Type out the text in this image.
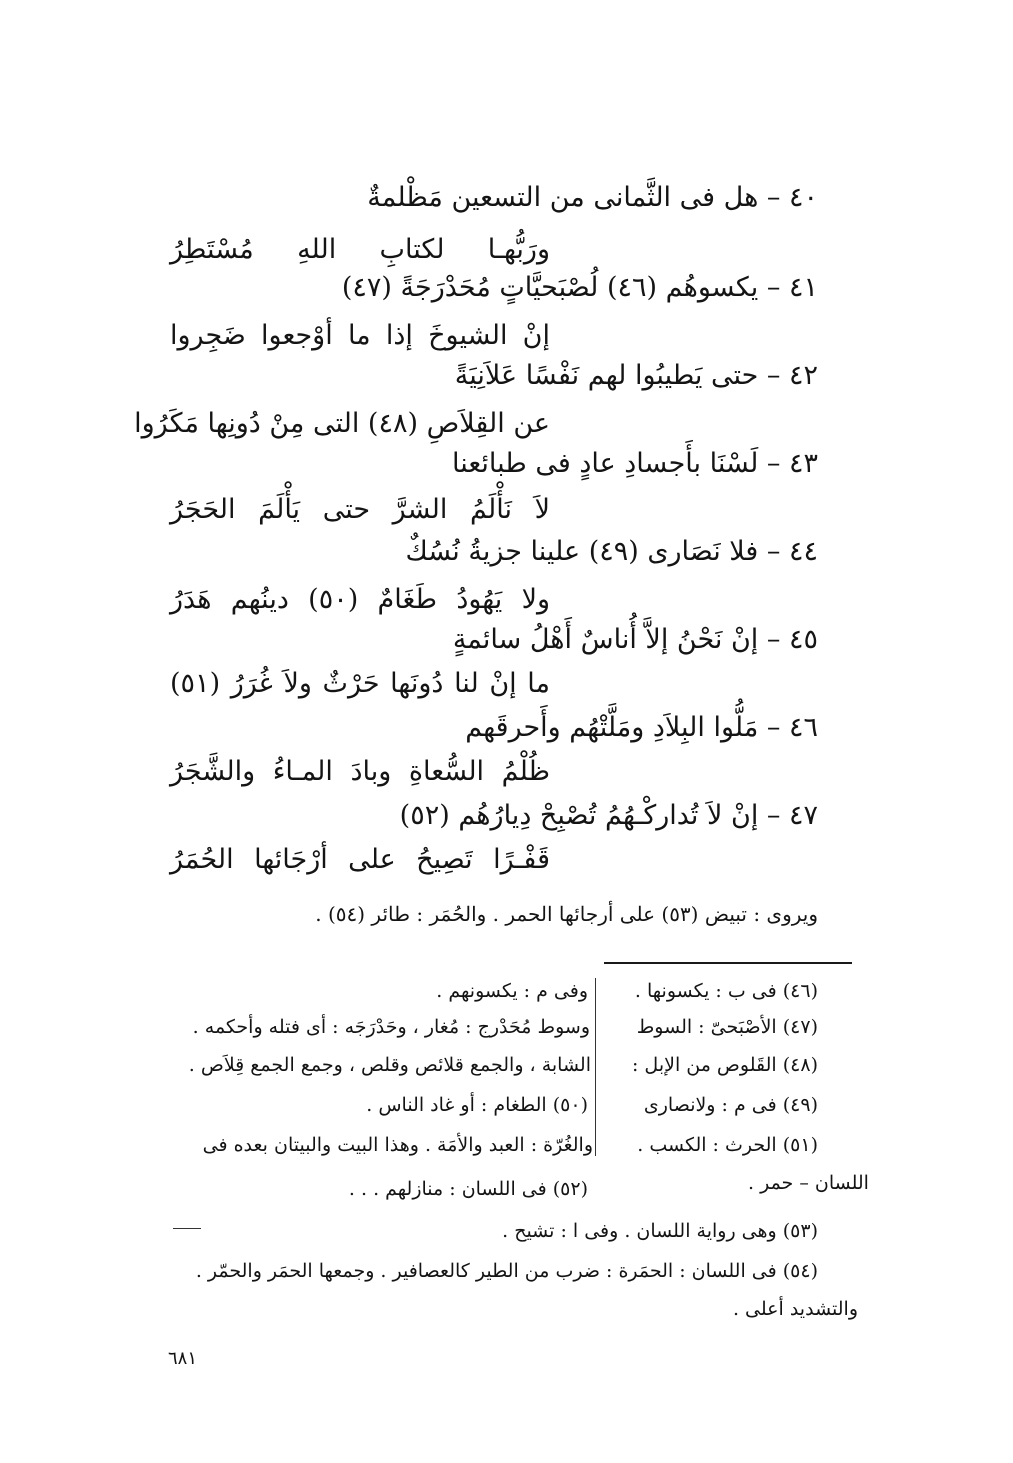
٤٠ – هل فى الثَّمانى من التسعين مَظْلمةٌ
ورَبُّهـا لكتابِ اللهِ مُسْتَطِرُ
٤١ – يكسوهُم (٤٦) لُصْبَحيَّاتٍ مُحَدْرَجَةً (٤٧)
إنْ الشيوخَ إذا ما أوْجعوا ضَجِروا
٤٢ – حتى يَطيبُوا لهم نَفْسًا عَلاَنِيَةً
عن القِلاَصِ (٤٨) التى مِنْ دُونِها مَكَرُوا
٤٣ – لَسْنَا بأَجسادِ عادٍ فى طبائعنا
لاَ نَأْلَمُ الشرَّ حتى يَأْلَمَ الحَجَرُ
٤٤ – فلا نَصَارى (٤٩) علينا جزيةُ نُسُكٌ
ولا يَهُودُ طَغَامٌ (٥٠) دينُهم هَدَرُ
٤٥ – إنْ نَحْنُ إلاَّ أُناسٌ أَهْلُ سائمةٍ
ما إنْ لنا دُونَها حَرْثٌ ولاَ غُرَرُ (٥١)
٤٦ – مَلُّوا البِلاَدِ ومَلَّتْهُم وأَحرقَهم
ظُلْمُ السُّعاةِ وبادَ المـاءُ والشَّجَرُ
٤٧ – إنْ لاَ تُداركْـهُمُ تُصْبِحْ دِيارُهُم (٥٢)
قَفْـرًا تَصِيحُ على أرْجَائها الحُمَرُ
ويروى : تبيض (٥٣) على أرجائها الحمر . والحُمَر : طائر (٥٤) .
(٤٦) فى ب : يكسونها .
(٤٧) الأصْبَحىّ : السوط
(٤٨) القَلوص من الإبل :
(٤٩) فى م : ولانصارى
(٥١) الحرث : الكسب .
وفى م : يكسونهم .
وسوط مُحَدْرج : مُغار ، وحَدْرَجَه : أى فتله وأحكمه .
الشابة ، والجمع قلائص وقلص ، وجمع الجمع قِلاَص .
(٥٠) الطغام : أو غاد الناس .
والغُرّة : العبد والأمَة . وهذا البيت والبيتان بعده فى
اللسان – حمر .
(٥٢) فى اللسان : منازلهم . . .
(٥٣) وهى رواية اللسان . وفى ا : تشيح .
(٥٤) فى اللسان : الحمَرة : ضرب من الطير كالعصافير . وجمعها الحمَر والحمّر .
والتشديد أعلى .
٦٨١
